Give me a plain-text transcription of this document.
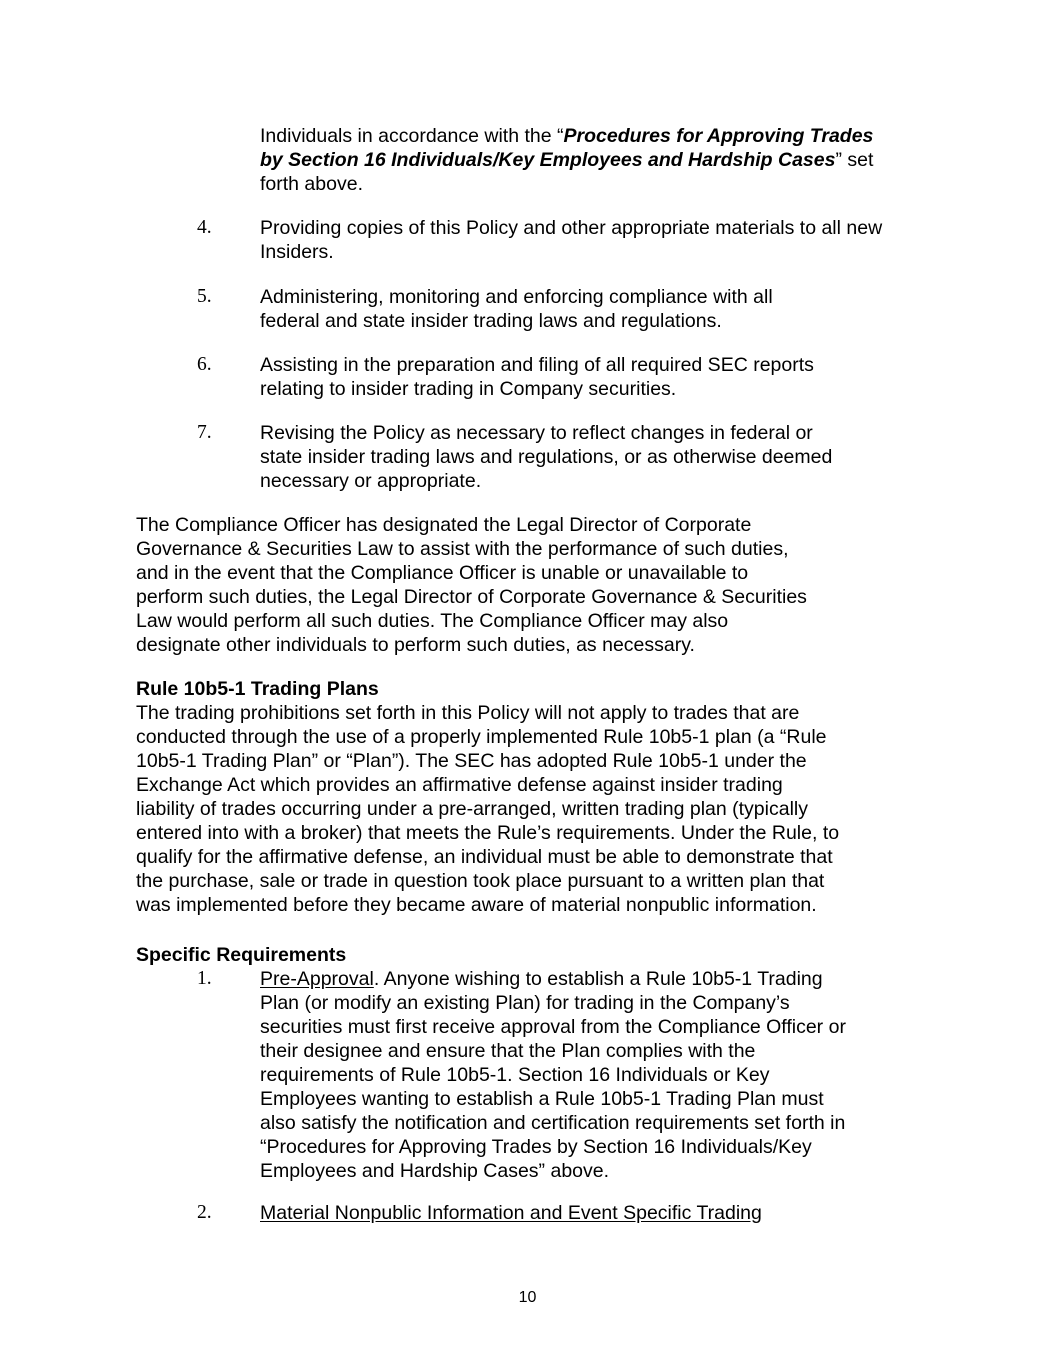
Individuals in accordance with the “Procedures for Approving Trades
by Section 16 Individuals/Key Employees and Hardship Cases” set
forth above.
4. Providing copies of this Policy and other appropriate materials to all new
Insiders.
5. Administering, monitoring and enforcing compliance with all
federal and state insider trading laws and regulations.
6. Assisting in the preparation and filing of all required SEC reports
relating to insider trading in Company securities.
7. Revising the Policy as necessary to reflect changes in federal or
state insider trading laws and regulations, or as otherwise deemed
necessary or appropriate.
The Compliance Officer has designated the Legal Director of Corporate
Governance & Securities Law to assist with the performance of such duties,
and in the event that the Compliance Officer is unable or unavailable to
perform such duties, the Legal Director of Corporate Governance & Securities
Law would perform all such duties. The Compliance Officer may also
designate other individuals to perform such duties, as necessary.
Rule 10b5-1 Trading Plans
The trading prohibitions set forth in this Policy will not apply to trades that are
conducted through the use of a properly implemented Rule 10b5-1 plan (a “Rule
10b5-1 Trading Plan” or “Plan”). The SEC has adopted Rule 10b5-1 under the
Exchange Act which provides an affirmative defense against insider trading
liability of trades occurring under a pre-arranged, written trading plan (typically
entered into with a broker) that meets the Rule’s requirements. Under the Rule, to
qualify for the affirmative defense, an individual must be able to demonstrate that
the purchase, sale or trade in question took place pursuant to a written plan that
was implemented before they became aware of material nonpublic information.
Specific Requirements
1. Pre-Approval. Anyone wishing to establish a Rule 10b5-1 Trading
Plan (or modify an existing Plan) for trading in the Company’s
securities must first receive approval from the Compliance Officer or
their designee and ensure that the Plan complies with the
requirements of Rule 10b5-1. Section 16 Individuals or Key
Employees wanting to establish a Rule 10b5-1 Trading Plan must
also satisfy the notification and certification requirements set forth in
“Procedures for Approving Trades by Section 16 Individuals/Key
Employees and Hardship Cases” above.
2. Material Nonpublic Information and Event Specific Trading
10
